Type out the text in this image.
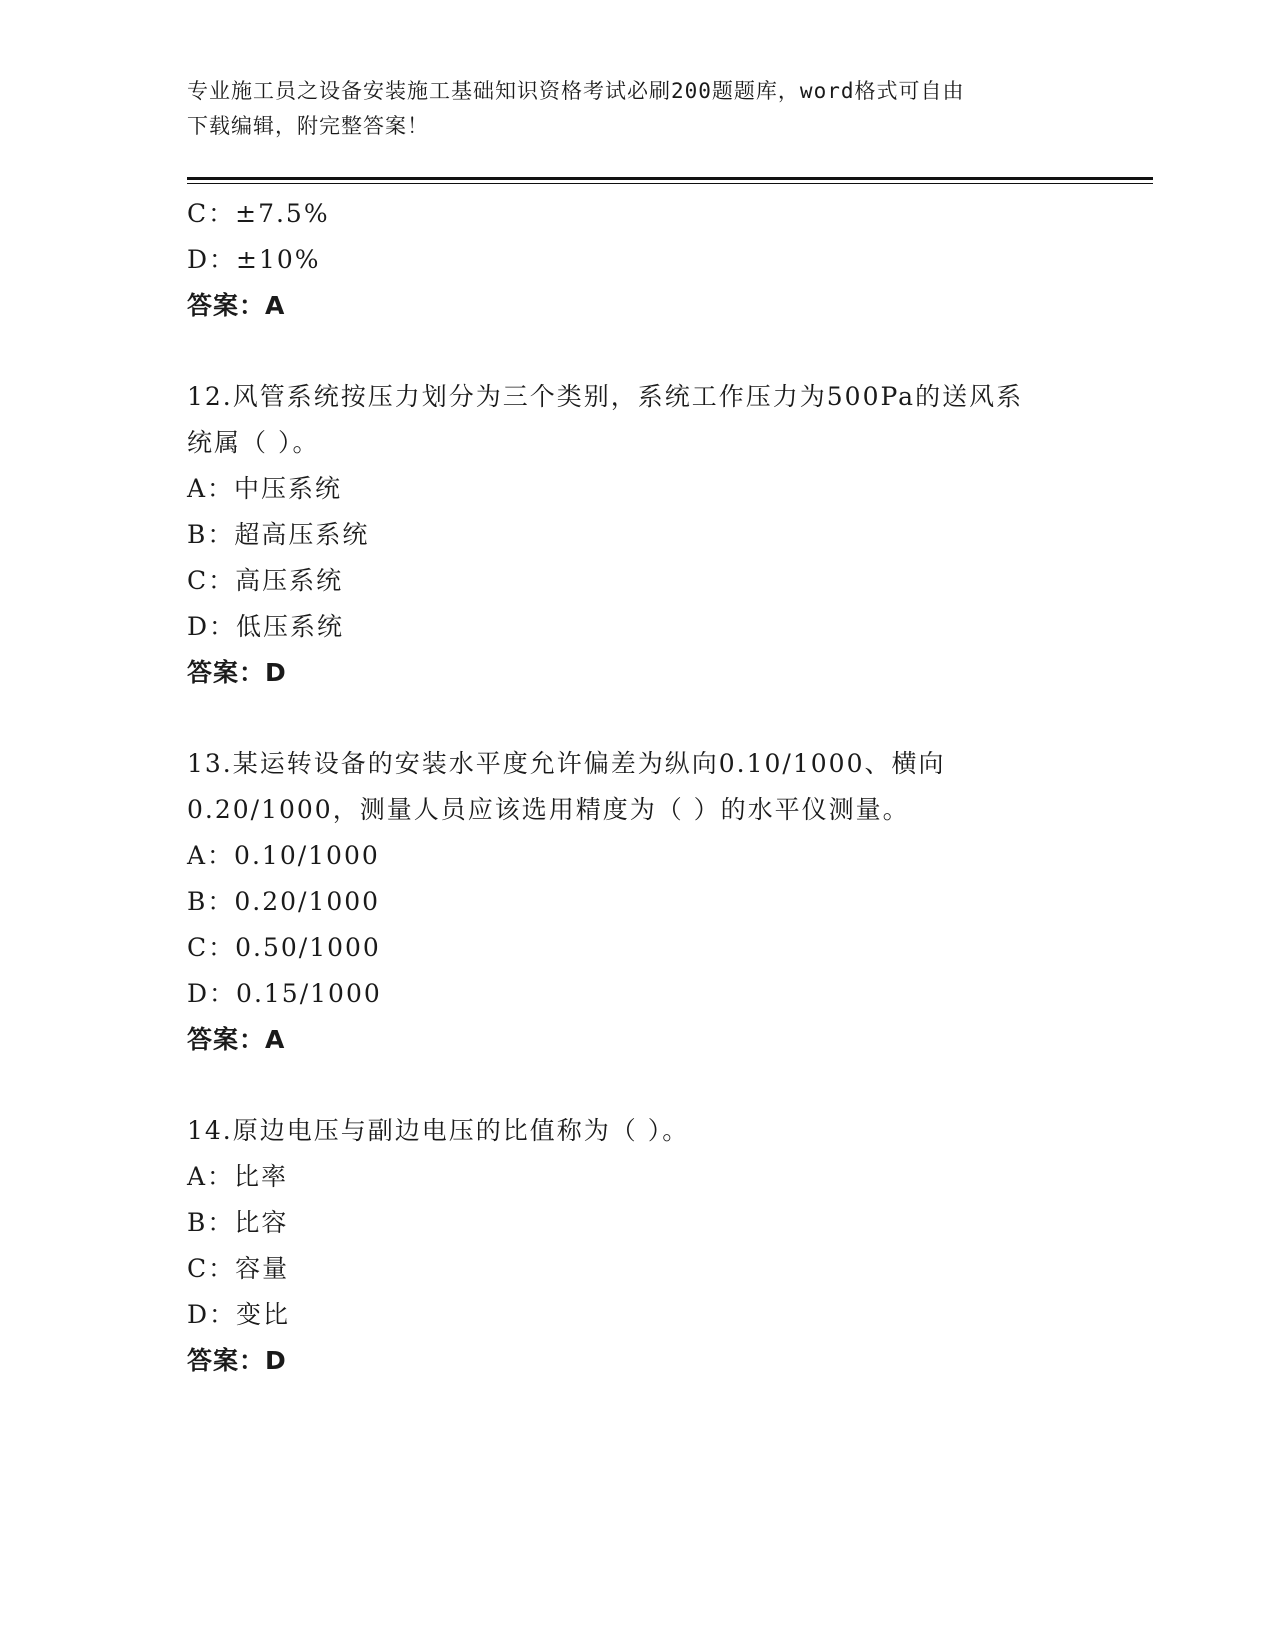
专业施工员之设备安装施工基础知识资格考试必刷200题题库，word格式可自由
下载编辑，附完整答案！
C：±7.5%
D：±10%
答案：A
12.风管系统按压力划分为三个类别，系统工作压力为500Pa的送风系
统属（ ）。
A：中压系统
B：超高压系统
C：高压系统
D：低压系统
答案：D
13.某运转设备的安装水平度允许偏差为纵向0.10/1000、横向
0.20/1000，测量人员应该选用精度为（ ）的水平仪测量。
A：0.10/1000
B：0.20/1000
C：0.50/1000
D：0.15/1000
答案：A
14.原边电压与副边电压的比值称为（ ）。
A：比率
B：比容
C：容量
D：变比
答案：D
